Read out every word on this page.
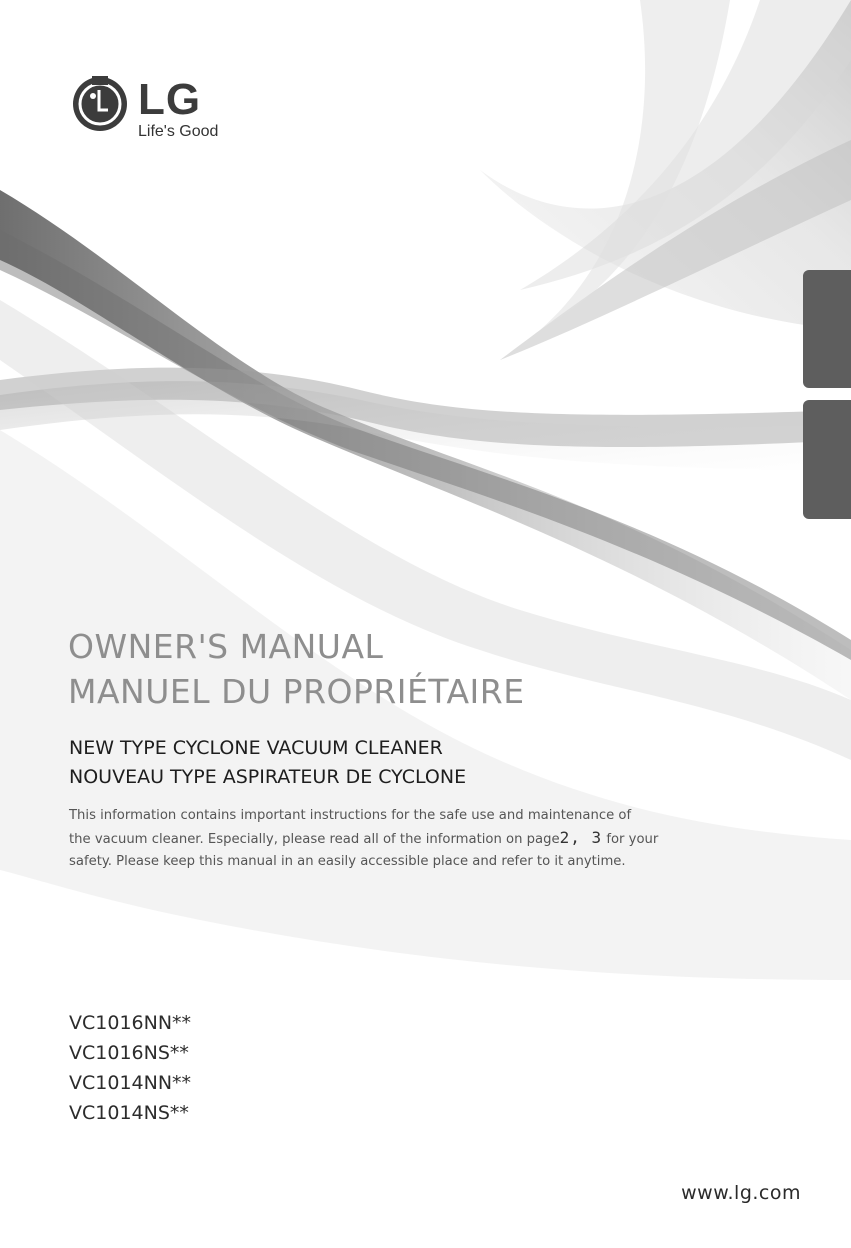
LG
Life's Good
OWNER'S MANUAL
MANUEL DU PROPRIÉTAIRE
NEW TYPE CYCLONE VACUUM CLEANER
NOUVEAU TYPE ASPIRATEUR DE CYCLONE
This information contains important instructions for the safe use and maintenance of
the vacuum cleaner. Especially, please read all of the information on page2, 3 for your
safety. Please keep this manual in an easily accessible place and refer to it anytime.
VC1016NN**
VC1016NS**
VC1014NN**
VC1014NS**
www.lg.com
